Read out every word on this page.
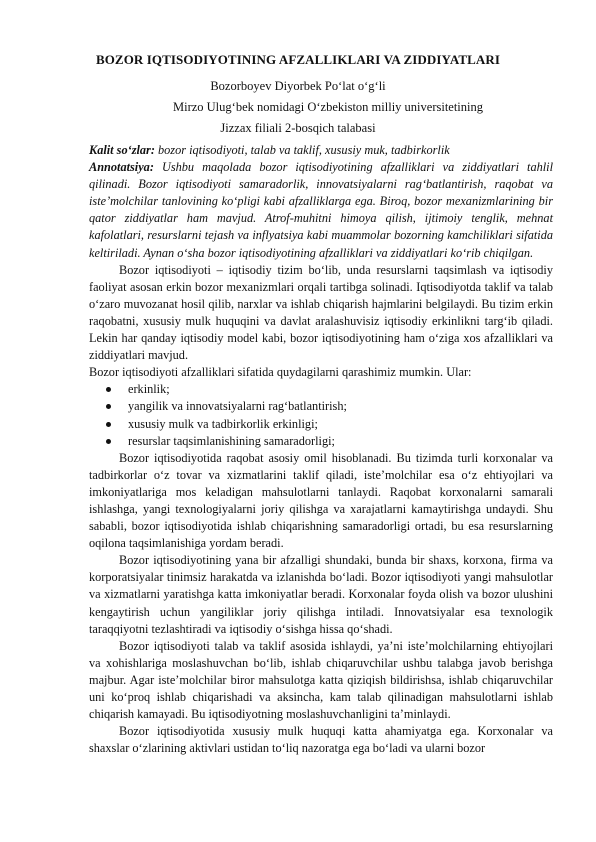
BOZOR IQTISODIYOTINING AFZALLIKLARI VA ZIDDIYATLARI
Bozorboyev Diyorbek Po‘lat o‘g‘li
Mirzo Ulug‘bek nomidagi O‘zbekiston milliy universitetining
Jizzax filiali 2-bosqich talabasi

Kalit so‘zlar: bozor iqtisodiyoti, talab va taklif, xususiy muk, tadbirkorlik

Annotatsiya: Ushbu maqolada bozor iqtisodiyotining afzalliklari va ziddiyatlari tahlil qilinadi. Bozor iqtisodiyoti samaradorlik, innovatsiyalarni rag‘batlantirish, raqobat va iste’molchilar tanlovining ko‘pligi kabi afzalliklarga ega. Biroq, bozor mexanizmlarining bir qator ziddiyatlar ham mavjud. Atrof-muhitni himoya qilish, ijtimoiy tenglik, mehnat kafolatlari, resurslarni tejash va inflyatsiya kabi muammolar bozorning kamchiliklari sifatida keltiriladi. Aynan o‘sha bozor iqtisodiyotining afzalliklari va ziddiyatlari ko‘rib chiqilgan.

Bozor iqtisodiyoti – iqtisodiy tizim bo‘lib, unda resurslarni taqsimlash va iqtisodiy faoliyat asosan erkin bozor mexanizmlari orqali tartibga solinadi. Iqtisodiyotda taklif va talab o‘zaro muvozanat hosil qilib, narxlar va ishlab chiqarish hajmlarini belgilaydi. Bu tizim erkin raqobatni, xususiy mulk huquqini va davlat aralashuvisiz iqtisodiy erkinlikni targ‘ib qiladi. Lekin har qanday iqtisodiy model kabi, bozor iqtisodiyotining ham o‘ziga xos afzalliklari va ziddiyatlari mavjud.

Bozor iqtisodiyoti afzalliklari sifatida quydagilarni qarashimiz mumkin. Ular:

erkinlik;
yangilik va innovatsiyalarni rag‘batlantirish;
xususiy mulk va tadbirkorlik erkinligi;
resurslar taqsimlanishining samaradorligi;

Bozor iqtisodiyotida raqobat asosiy omil hisoblanadi. Bu tizimda turli korxonalar va tadbirkorlar o‘z tovar va xizmatlarini taklif qiladi, iste’molchilar esa o‘z ehtiyojlari va imkoniyatlariga mos keladigan mahsulotlarni tanlaydi. Raqobat korxonalarni samarali ishlashga, yangi texnologiyalarni joriy qilishga va xarajatlarni kamaytirishga undaydi. Shu sababli, bozor iqtisodiyotida ishlab chiqarishning samaradorligi ortadi, bu esa resurslarning oqilona taqsimlanishiga yordam beradi.

Bozor iqtisodiyotining yana bir afzalligi shundaki, bunda bir shaxs, korxona, firma va korporatsiyalar tinimsiz harakatda va izlanishda bo‘ladi. Bozor iqtisodiyoti yangi mahsulotlar va xizmatlarni yaratishga katta imkoniyatlar beradi. Korxonalar foyda olish va bozor ulushini kengaytirish uchun yangiliklar joriy qilishga intiladi. Innovatsiyalar esa texnologik taraqqiyotni tezlashtiradi va iqtisodiy o‘sishga hissa qo‘shadi.

Bozor iqtisodiyoti talab va taklif asosida ishlaydi, ya’ni iste’molchilarning ehtiyojlari va xohishlariga moslashuvchan bo‘lib, ishlab chiqaruvchilar ushbu talabga javob berishga majbur. Agar iste’molchilar biror mahsulotga katta qiziqish bildirishsa, ishlab chiqaruvchilar uni ko‘proq ishlab chiqarishadi va aksincha, kam talab qilinadigan mahsulotlarni ishlab chiqarish kamayadi. Bu iqtisodiyotning moslashuvchanligini ta’minlaydi.

Bozor iqtisodiyotida xususiy mulk huquqi katta ahamiyatga ega. Korxonalar va shaxslar o‘zlarining aktivlari ustidan to‘liq nazoratga ega bo‘ladi va ularni bozor
